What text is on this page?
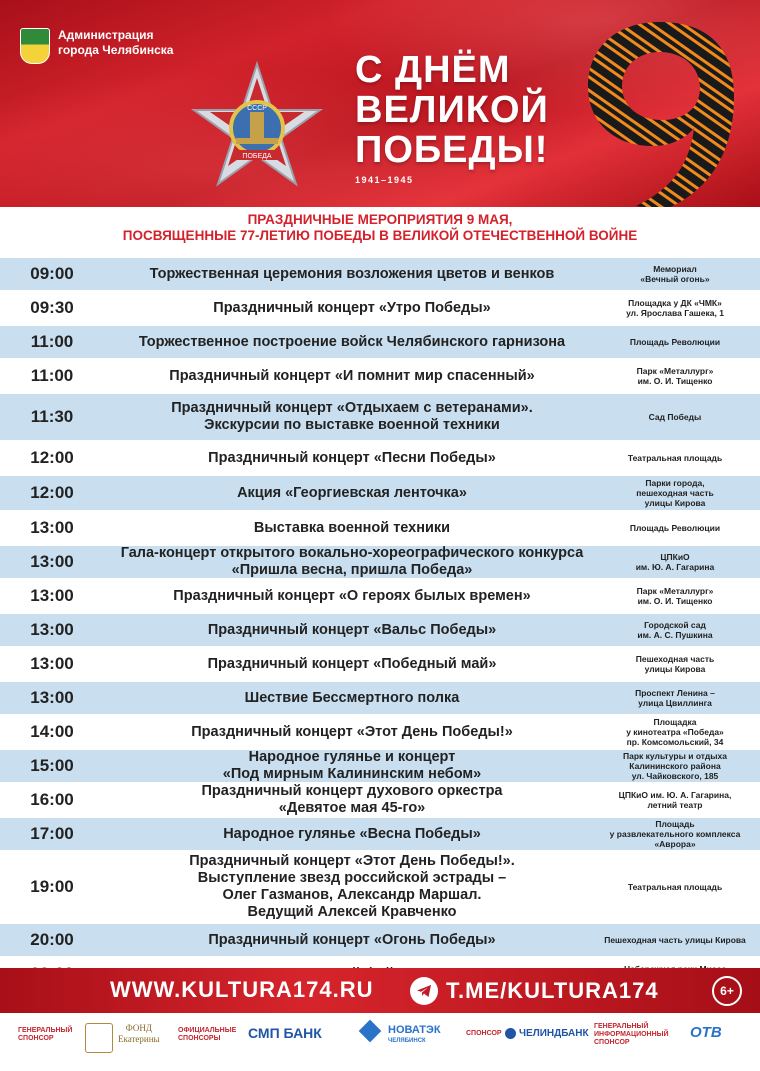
Администрация
города Челябинска
СССР
ПОБЕДА
С ДНЁМ
ВЕЛИКОЙ
ПОБЕДЫ!
1941–1945
ПРАЗДНИЧНЫЕ МЕРОПРИЯТИЯ 9 МАЯ,
ПОСВЯЩЕННЫЕ 77-ЛЕТИЮ ПОБЕДЫ В ВЕЛИКОЙ ОТЕЧЕСТВЕННОЙ ВОЙНЕ
09:00	Торжественная церемония возложения цветов и венков	Мемориал
«Вечный огонь»
09:30	Праздничный концерт «Утро Победы»	Площадка у ДК «ЧМК»
ул. Ярослава Гашека, 1
11:00	Торжественное построение войск Челябинского гарнизона	Площадь Революции
11:00	Праздничный концерт «И помнит мир спасенный»	Парк «Металлург»
им. О. И. Тищенко
11:30	Праздничный концерт «Отдыхаем с ветеранами».
Экскурсии по выставке военной техники	Сад Победы
12:00	Праздничный концерт «Песни Победы»	Театральная площадь
12:00	Акция «Георгиевская ленточка»
Парки города,
пешеходная часть
улицы Кирова
13:00	Выставка военной техники	Площадь Революции
13:00	Гала-концерт открытого вокально-хореографического конкурса
«Пришла весна, пришла Победа»
ЦПКиО
им. Ю. А. Гагарина
13:00	Праздничный концерт «О героях былых времен»	Парк «Металлург»
им. О. И. Тищенко
13:00	Праздничный концерт «Вальс Победы»	Городской сад
им. А. С. Пушкина
13:00	Праздничный концерт «Победный май»	Пешеходная часть
улицы Кирова
13:00	Шествие Бессмертного полка	Проспект Ленина –
улица Цвиллинга
14:00	Праздничный концерт «Этот День Победы!»
Площадка
у кинотеатра «Победа»
пр. Комсомольский, 34
15:00	Народное гулянье и концерт
«Под мирным Калининским небом»
Парк культуры и отдыха
Калининского района
ул. Чайковского, 185
16:00	Праздничный концерт духового оркестра
«Девятое мая 45-го»
ЦПКиО им. Ю. А. Гагарина,
летний театр
17:00	Народное гулянье «Весна Победы»
Площадь
у развлекательного комплекса
«Аврора»
19:00
Праздничный концерт «Этот День Победы!».
Выступление звезд российской эстрады –
Олег Газманов, Александр Маршал.
Ведущий Алексей Кравченко
Театральная площадь
20:00	Праздничный концерт «Огонь Победы»	Пешеходная часть улицы Кирова
WWW.KULTURA174.RU	T.ME/KULTURA174	6+
ГЕНЕРАЛЬНЫЙ
СПОНСОР
ФОНД
Екатерины
ОФИЦИАЛЬНЫЕ
СПОНСОРЫ	СМП БАНК	НОВАТЭК
ЧЕЛЯБИНСК
СПОНСОР ЧЕЛИНДБАНК
ГЕНЕРАЛЬНЫЙ
ИНФОРМАЦИОННЫЙ
СПОНСОР
ОТВ
